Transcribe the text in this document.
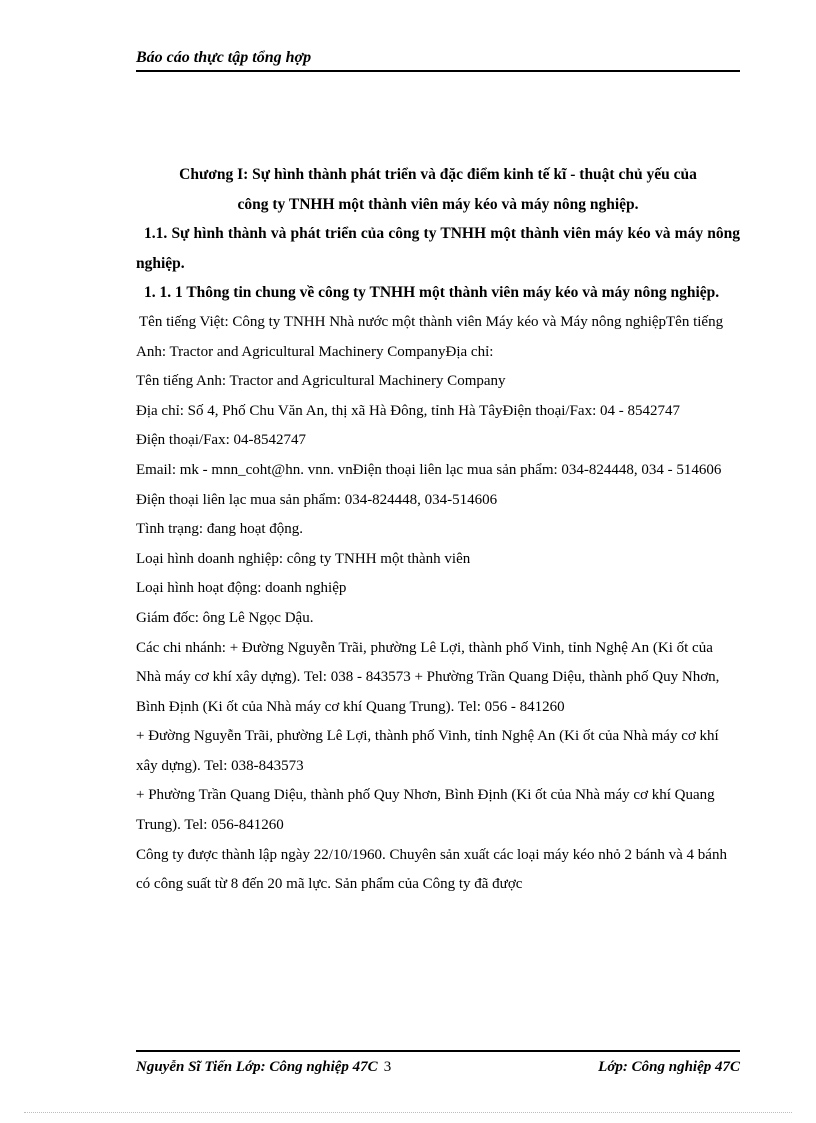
Báo cáo thực tập tổng hợp

Chương I: Sự hình thành phát triển và đặc điểm kinh tế kĩ - thuật chủ yếu của

công ty TNHH một thành viên máy kéo và máy nông nghiệp.

1.1. Sự hình thành và phát triển của công ty TNHH một thành viên máy kéo và máy nông nghiệp.

1. 1. 1 Thông tin chung về công ty TNHH một thành viên máy kéo và máy nông nghiệp.

Tên tiếng Việt: Công ty TNHH Nhà nước một thành viên Máy kéo và Máy nông nghiệpTên tiếng Anh: Tractor and Agricultural Machinery CompanyĐịa chỉ:

Tên tiếng Anh: Tractor and Agricultural Machinery Company

Địa chỉ: Số 4, Phố Chu Văn An, thị xã Hà Đông, tỉnh Hà TâyĐiện thoại/Fax: 04 - 8542747

Điện thoại/Fax: 04-8542747

Email: mk - mnn_coht@hn. vnn. vnĐiện thoại liên lạc mua sản phẩm: 034-824448, 034 - 514606

Điện thoại liên lạc mua sản phẩm: 034-824448, 034-514606

Tình trạng: đang hoạt động.

Loại hình doanh nghiệp: công ty TNHH một thành viên

Loại hình hoạt động: doanh nghiệp

Giám đốc: ông Lê Ngọc Dậu.

Các chi nhánh: + Đường Nguyễn Trãi, phường Lê Lợi, thành phố Vinh, tỉnh Nghệ An (Ki ốt của Nhà máy cơ khí xây dựng). Tel: 038 - 843573 + Phường Trần Quang Diệu, thành phố Quy Nhơn, Bình Định (Ki ốt của Nhà máy cơ khí Quang Trung). Tel: 056 - 841260

+ Đường Nguyễn Trãi, phường Lê Lợi, thành phố Vinh, tỉnh Nghệ An (Ki ốt của Nhà máy cơ khí xây dựng). Tel: 038-843573

+ Phường Trần Quang Diệu, thành phố Quy Nhơn, Bình Định (Ki ốt của Nhà máy cơ khí Quang Trung). Tel: 056-841260

Công ty được thành lập ngày 22/10/1960. Chuyên sản xuất các loại máy kéo nhỏ 2 bánh và 4 bánh có công suất từ 8 đến 20 mã lực. Sản phẩm của Công ty đã được

Nguyễn Sĩ Tiến Lớp: Công nghiệp 47C 3	Lớp: Công nghiệp 47C
